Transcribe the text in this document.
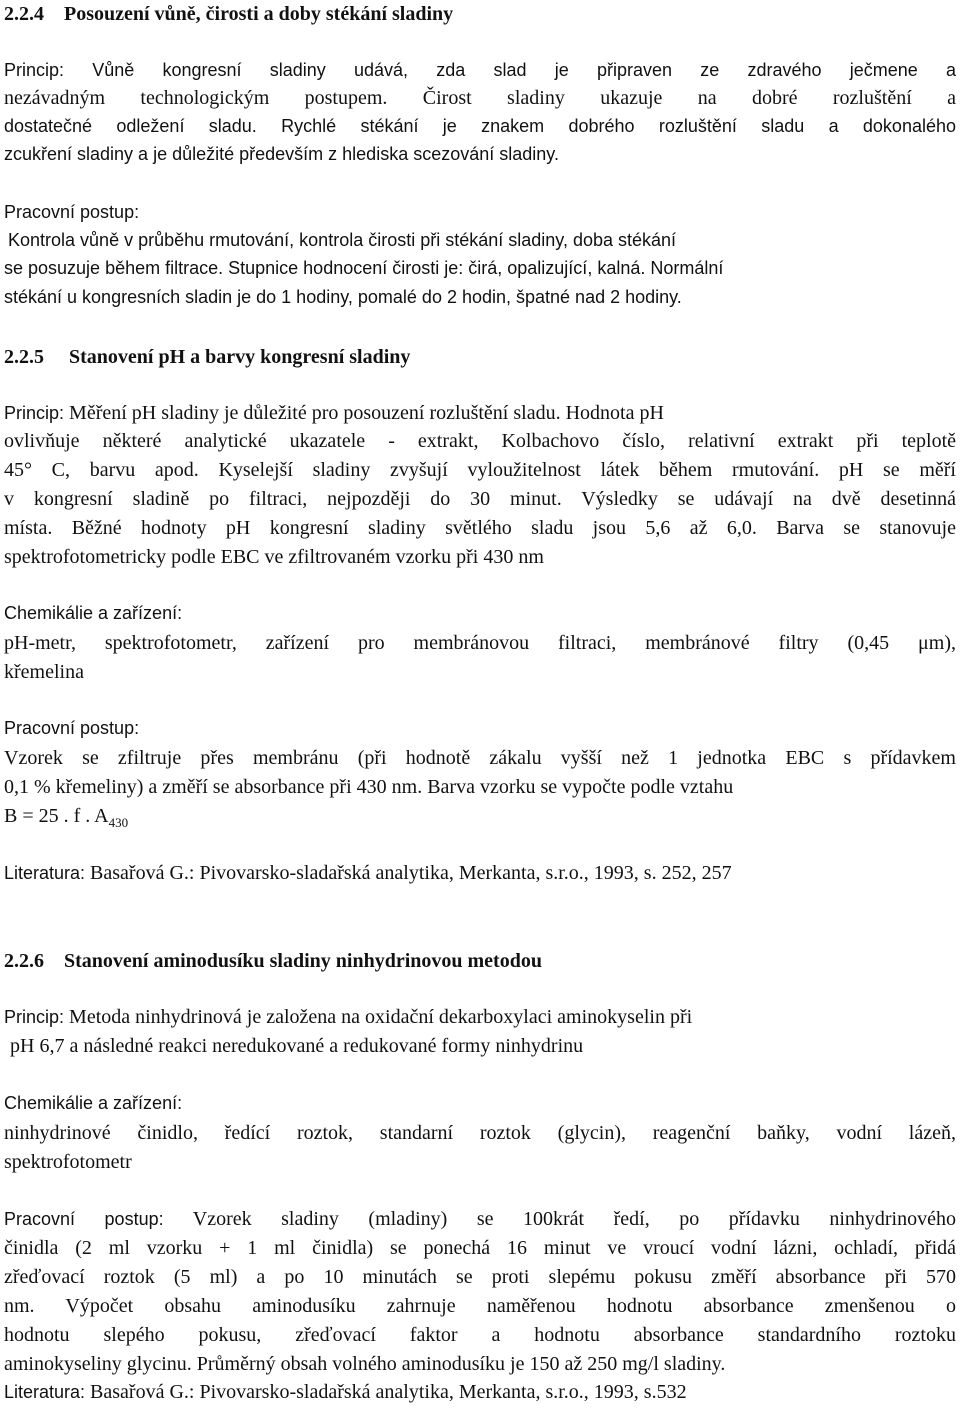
2.2.4 Posouzení vůně, čirosti a doby stékání sladiny
Princip: Vůně kongresní sladiny udává, zda slad je připraven ze zdravého ječmene a
nezávadným technologickým postupem. Čirost sladiny ukazuje na dobré rozluštění a
dostatečné odležení sladu. Rychlé stékání je znakem dobrého rozluštění sladu a dokonalého
zcukření sladiny a je důležité především z hlediska scezování sladiny.
Pracovní postup:
Kontrola vůně v průběhu rmutování, kontrola čirosti při stékání sladiny, doba stékání
se posuzuje během filtrace. Stupnice hodnocení čirosti je: čirá, opalizující, kalná. Normální
stékání u kongresních sladin je do 1 hodiny, pomalé do 2 hodin, špatné nad 2 hodiny.
2.2.5 Stanovení pH a barvy kongresní sladiny
Princip: Měření pH sladiny je důležité pro posouzení rozluštění sladu. Hodnota pH
ovlivňuje některé analytické ukazatele - extrakt, Kolbachovo číslo, relativní extrakt při teplotě
45° C, barvu apod. Kyselejší sladiny zvyšují vyloužitelnost látek během rmutování. pH se měří
v kongresní sladině po filtraci, nejpozději do 30 minut. Výsledky se udávají na dvě desetinná
místa. Běžné hodnoty pH kongresní sladiny světlého sladu jsou 5,6 až 6,0. Barva se stanovuje
spektrofotometricky podle EBC ve zfiltrovaném vzorku při 430 nm
Chemikálie a zařízení:
pH-metr, spektrofotometr, zařízení pro membránovou filtraci, membránové filtry (0,45 μm),
křemelina
Pracovní postup:
Vzorek se zfiltruje přes membránu (při hodnotě zákalu vyšší než 1 jednotka EBC s přídavkem
0,1 % křemeliny) a změří se absorbance při 430 nm. Barva vzorku se vypočte podle vztahu
B = 25 . f . $A_{430}$
Literatura: Basařová G.: Pivovarsko-sladařská analytika, Merkanta, s.r.o., 1993, s. 252, 257
2.2.6 Stanovení aminodusíku sladiny ninhydrinovou metodou
Princip: Metoda ninhydrinová je založena na oxidační dekarboxylaci aminokyselin při
pH 6,7 a následné reakci neredukované a redukované formy ninhydrinu
Chemikálie a zařízení:
ninhydrinové činidlo, ředící roztok, standarní roztok (glycin), reagenční baňky, vodní lázeň,
spektrofotometr
Pracovní postup: Vzorek sladiny (mladiny) se 100krát ředí, po přídavku ninhydrinového
činidla (2 ml vzorku + 1 ml činidla) se ponechá 16 minut ve vroucí vodní lázni, ochladí, přidá
zřeďovací roztok (5 ml) a po 10 minutách se proti slepému pokusu změří absorbance při 570
nm. Výpočet obsahu aminodusíku zahrnuje naměřenou hodnotu absorbance zmenšenou o
hodnotu slepého pokusu, zřeďovací faktor a hodnotu absorbance standardního roztoku
aminokyseliny glycinu. Průměrný obsah volného aminodusíku je 150 až 250 mg/l sladiny.
Literatura: Basařová G.: Pivovarsko-sladařská analytika, Merkanta, s.r.o., 1993, s.532
